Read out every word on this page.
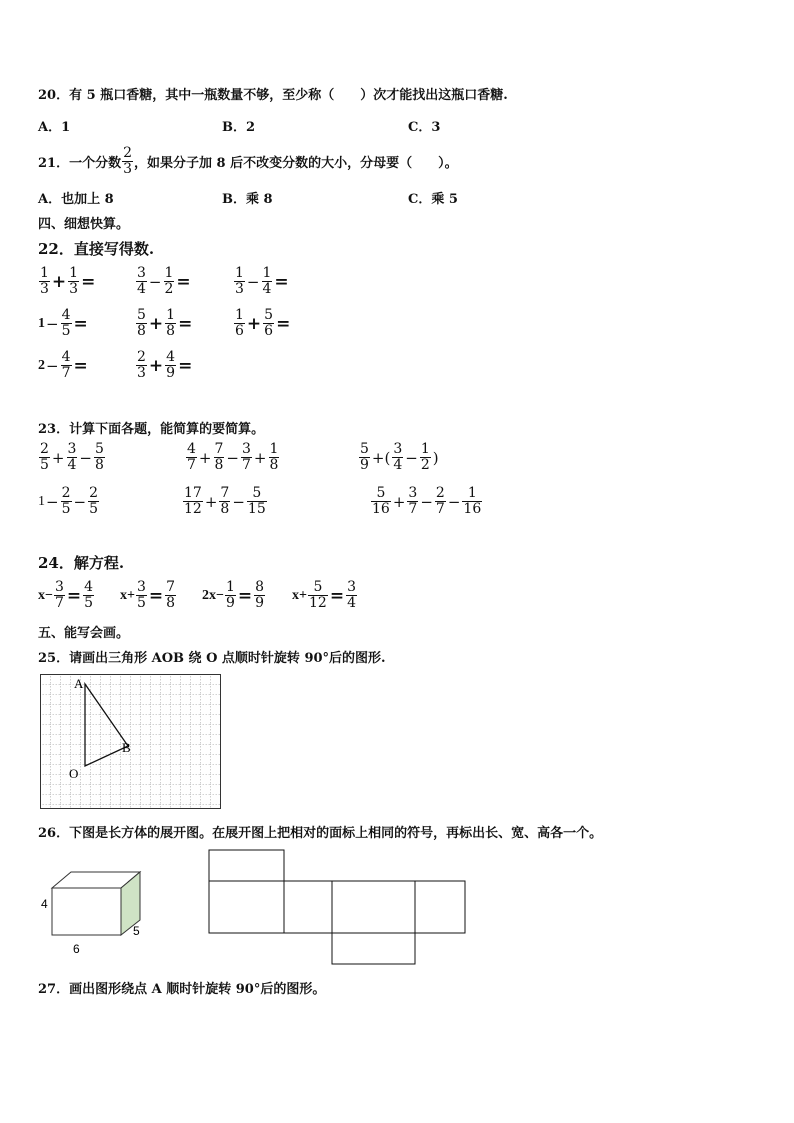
20．有 5 瓶口香糖，其中一瓶数量不够，至少称（　　）次才能找出这瓶口香糖.
A．1	B．2	C．3
21．一个分数 $\frac{2}{3}$ ，如果分子加 8 后不改变分数的大小，分母要（　　）。
A．也加上 8	B．乘 8	C．乘 5
四、细想快算。
22．直接写得数.
$\frac{1}{3} + \frac{1}{3}$ =	$\frac{3}{4} - \frac{1}{2}$ =	$\frac{1}{3} - \frac{1}{4}$ =
$1 - \frac{4}{5}$ =	$\frac{5}{8} + \frac{1}{8}$ =	$\frac{1}{6} + \frac{5}{6}$ =
$2 - \frac{4}{7}$ =	$\frac{2}{3} + \frac{4}{9}$ =
23．计算下面各题，能简算的要简算。
$\frac{2}{5} + \frac{3}{4} - \frac{5}{8}$	$\frac{4}{7} + \frac{7}{8} - \frac{3}{7} + \frac{1}{8}$	$\frac{5}{9}$ +( $\frac{3}{4} - \frac{1}{2}$ )
$1 - \frac{2}{5} - \frac{2}{5}$	$\frac{17}{12} + \frac{7}{8} - \frac{5}{15}$	$\frac{5}{16} + \frac{3}{7} - \frac{2}{7} - \frac{1}{16}$
24．解方程.
$x- \frac{3}{7} = \frac{4}{5} x+ \frac{3}{5} = \frac{7}{8} 2x- \frac{1}{9} = \frac{8}{9} x+ \frac{5}{12} = \frac{3}{4}$
五、能写会画。
25．请画出三角形 AOB 绕 O 点顺时针旋转 90°后的图形.
A
B
O
26．下图是长方体的展开图。在展开图上把相对的面标上相同的符号，再标出长、宽、高各一个。
4
6
5
27．画出图形绕点 A 顺时针旋转 90°后的图形。
